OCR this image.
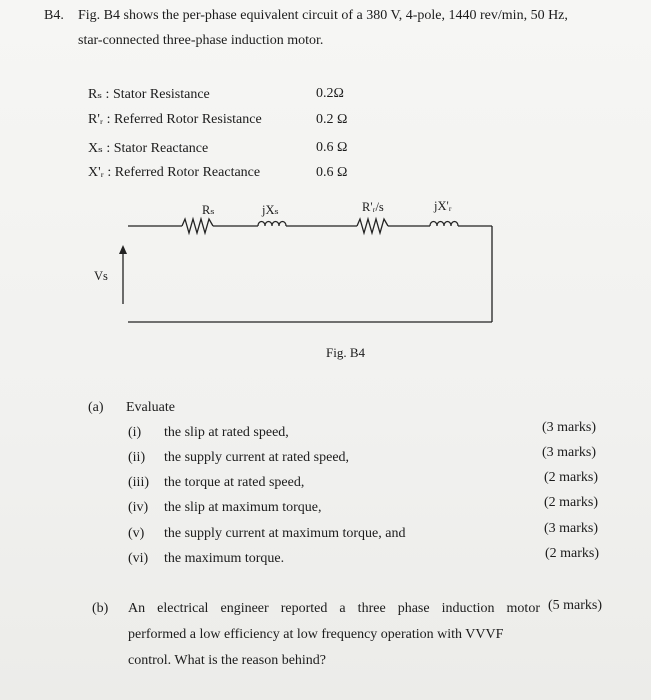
B4. Fig. B4 shows the per-phase equivalent circuit of a 380 V, 4-pole, 1440 rev/min, 50 Hz,
star-connected three-phase induction motor.
Rₛ : Stator Resistance	0.2Ω
R'ᵣ : Referred Rotor Resistance	0.2 Ω
Xₛ : Stator Reactance	0.6 Ω
X'ᵣ : Referred Rotor Reactance	0.6 Ω
Rₛ	jXₛ	R'ᵣ/s	jX'ᵣ
Vs
Fig. B4
(a) Evaluate
(i) the slip at rated speed,	(3 marks)
(ii) the supply current at rated speed,	(3 marks)
(iii) the torque at rated speed,	(2 marks)
(iv) the slip at maximum torque,	(2 marks)
(v) the supply current at maximum torque, and	(3 marks)
(vi) the maximum torque.	(2 marks)
(b) An electrical engineer reported a three phase induction motor (5 marks)
performed a low efficiency at low frequency operation with VVVF
control. What is the reason behind?
